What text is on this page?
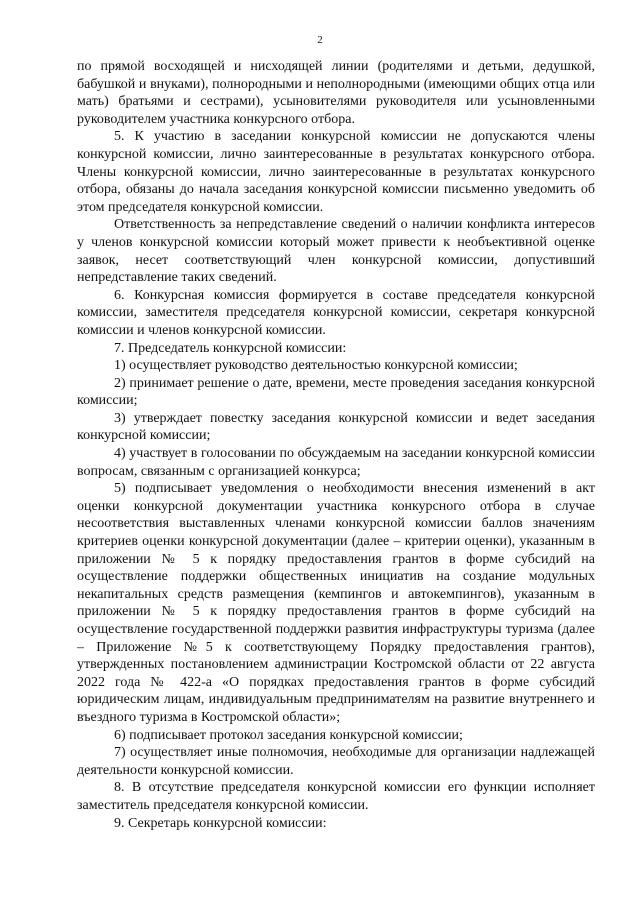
2

по прямой восходящей и нисходящей линии (родителями и детьми, дедушкой, бабушкой и внуками), полнородными и неполнородными (имеющими общих отца или мать) братьями и сестрами), усыновителями руководителя или усыновленными руководителем участника конкурсного отбора.

5. К участию в заседании конкурсной комиссии не допускаются члены конкурсной комиссии, лично заинтересованные в результатах конкурсного отбора. Члены конкурсной комиссии, лично заинтересованные в результатах конкурсного отбора, обязаны до начала заседания конкурсной комиссии письменно уведомить об этом председателя конкурсной комиссии.

Ответственность за непредставление сведений о наличии конфликта интересов у членов конкурсной комиссии который может привести к необъективной оценке заявок, несет соответствующий член конкурсной комиссии, допустивший непредставление таких сведений.

6. Конкурсная комиссия формируется в составе председателя конкурсной комиссии, заместителя председателя конкурсной комиссии, секретаря конкурсной комиссии и членов конкурсной комиссии.

7. Председатель конкурсной комиссии:

1) осуществляет руководство деятельностью конкурсной комиссии;

2) принимает решение о дате, времени, месте проведения заседания конкурсной комиссии;

3) утверждает повестку заседания конкурсной комиссии и ведет заседания конкурсной комиссии;

4) участвует в голосовании по обсуждаемым на заседании конкурсной комиссии вопросам, связанным с организацией конкурса;

5) подписывает уведомления о необходимости внесения изменений в акт оценки конкурсной документации участника конкурсного отбора в случае несоответствия выставленных членами конкурсной комиссии баллов значениям критериев оценки конкурсной документации (далее – критерии оценки), указанным в приложении № 5 к порядку предоставления грантов в форме субсидий на осуществление поддержки общественных инициатив на создание модульных некапитальных средств размещения (кемпингов и автокемпингов), указанным в приложении № 5 к порядку предоставления грантов в форме субсидий на осуществление государственной поддержки развития инфраструктуры туризма (далее – Приложение №5 к соответствующему Порядку предоставления грантов), утвержденных постановлением администрации Костромской области от 22 августа 2022 года № 422-а «О порядках предоставления грантов в форме субсидий юридическим лицам, индивидуальным предпринимателям на развитие внутреннего и въездного туризма в Костромской области»;

6) подписывает протокол заседания конкурсной комиссии;

7) осуществляет иные полномочия, необходимые для организации надлежащей деятельности конкурсной комиссии.

8. В отсутствие председателя конкурсной комиссии его функции исполняет заместитель председателя конкурсной комиссии.

9. Секретарь конкурсной комиссии:
